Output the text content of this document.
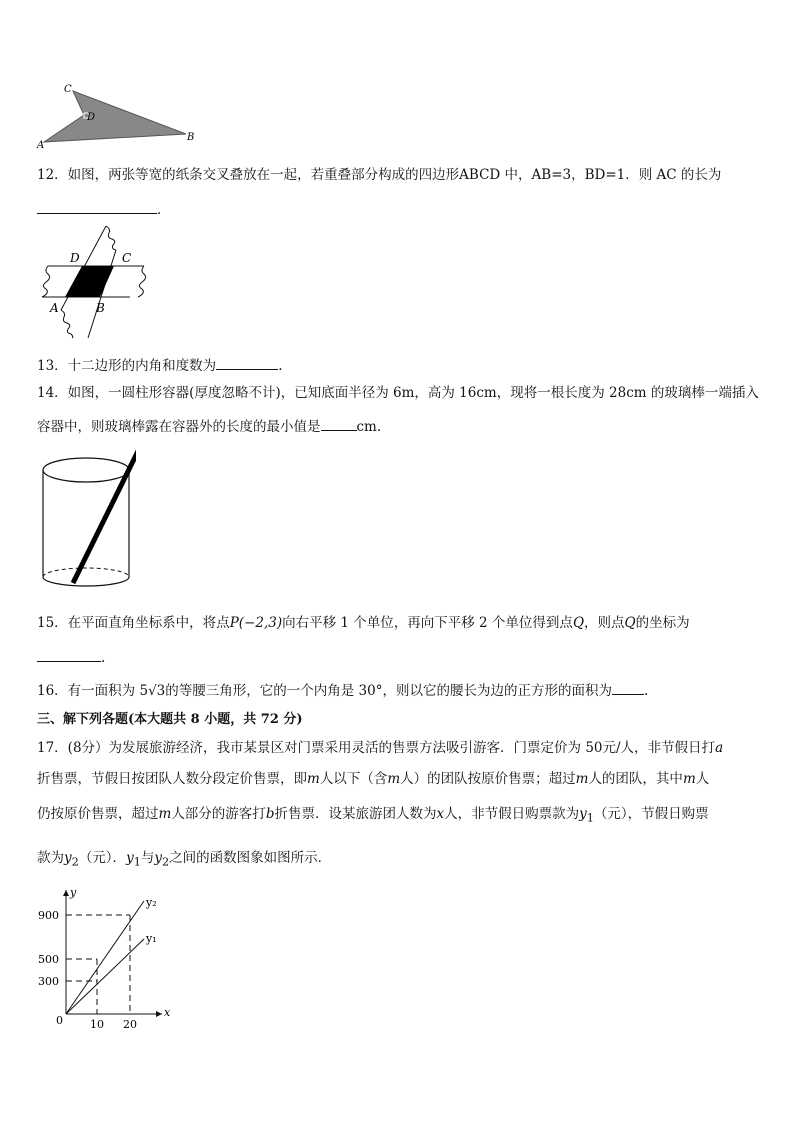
C
D
A
B
12．如图，两张等宽的纸条交叉叠放在一起，若重叠部分构成的四边形ABCD 中，AB=3，BD=1．则 AC 的长为
．
D	C
A	B
13．十二边形的内角和度数为	.
14．如图，一圆柱形容器(厚度忽略不计)，已知底面半径为 6m，高为 16cm，现将一根长度为 28cm 的玻璃棒一端插入
容器中，则玻璃棒露在容器外的长度的最小值是	cm.
15．在平面直角坐标系中，将点P(−2,3)向右平移 1 个单位，再向下平移 2 个单位得到点Q，则点Q的坐标为
.
16．有一面积为 5√3的等腰三角形，它的一个内角是 30°，则以它的腰长为边的正方形的面积为 .
三、解下列各题(本大题共 8 小题，共 72 分)
17．(8分）为发展旅游经济，我市某景区对门票采用灵活的售票方法吸引游客．门票定价为 50元/人，非节假日打a
折售票，节假日按团队人数分段定价售票，即m人以下（含m人）的团队按原价售票；超过m人的团队，其中m人
仍按原价售票，超过m人部分的游客打b折售票．设某旅游团人数为x人，非节假日购票款为$y_1$（元），节假日购票
款为$y_2$（元）．$y_1$与$y_2$之间的函数图象如图所示．
y
x
0
900
500
300
10 20
y₂
y₁
